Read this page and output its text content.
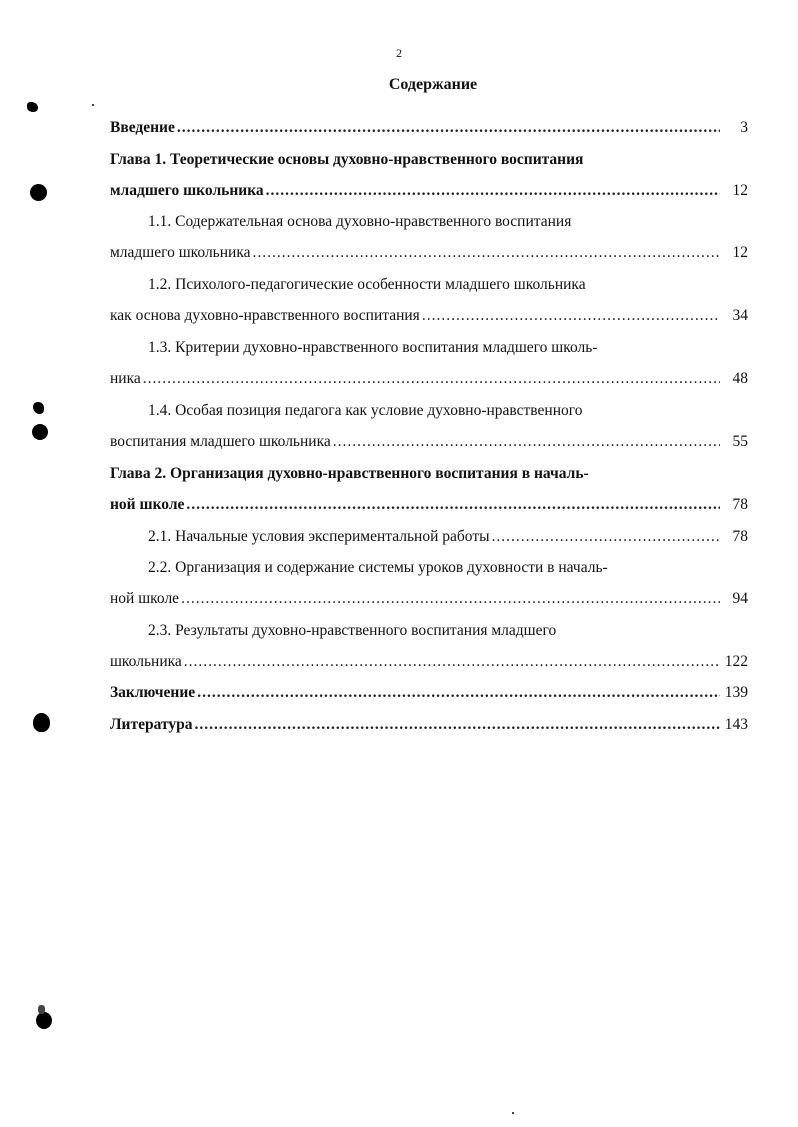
2
Содержание
Введение .....	3
Глава 1. Теоретические основы духовно-нравственного воспитания
младшего школьника .....	12
1.1. Содержательная основа духовно-нравственного воспитания
младшего школьника .....	12
1.2. Психолого-педагогические особенности младшего школьника
как основа духовно-нравственного воспитания .....	34
1.3. Критерии духовно-нравственного воспитания младшего школь-
ника .....	48
1.4. Особая позиция педагога как условие духовно-нравственного
воспитания младшего школьника .....	55
Глава 2. Организация духовно-нравственного воспитания в началь-
ной школе .....	78
2.1. Начальные условия экспериментальной работы .....	78
2.2. Организация и содержание системы уроков духовности в началь-
ной школе .....	94
2.3. Результаты духовно-нравственного воспитания младшего
школьника .....	122
Заключение .....	139
Литература .....	143
